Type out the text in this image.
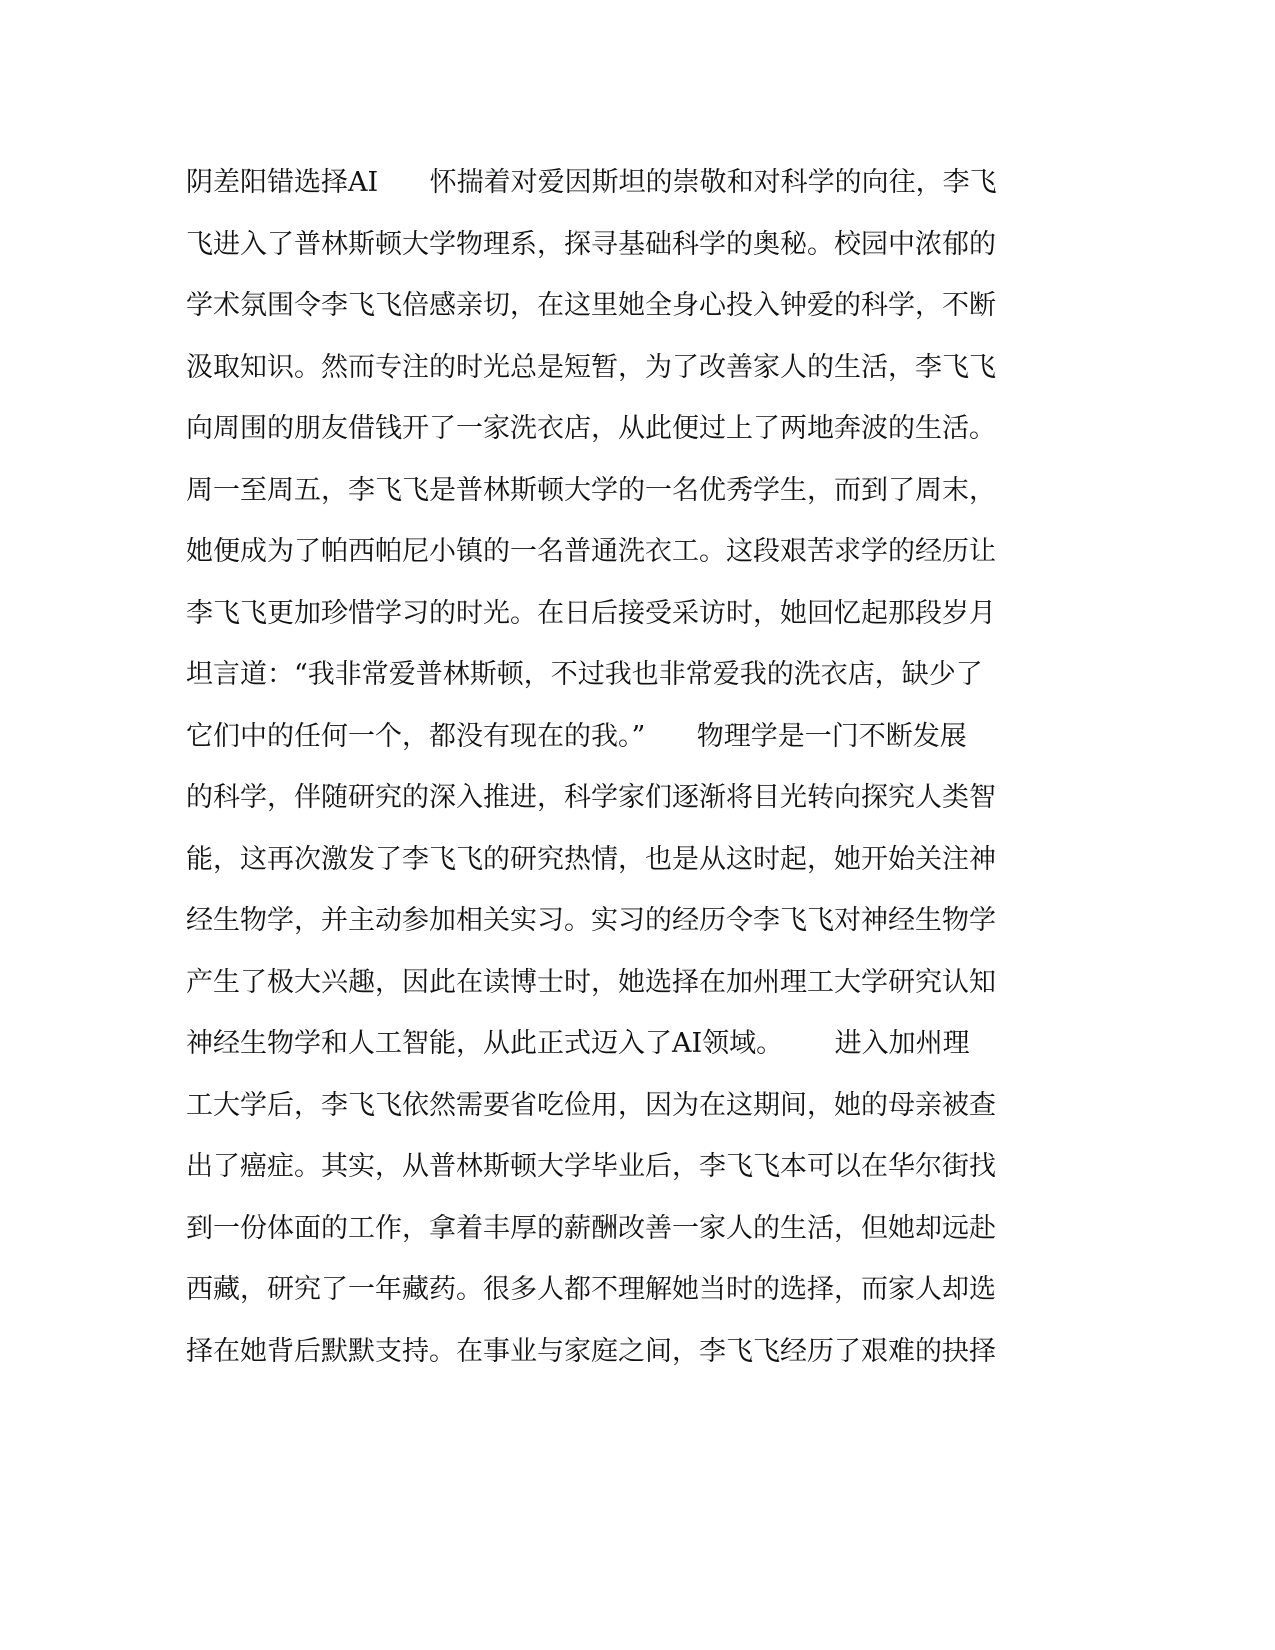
阴差阳错选择AI      怀揣着对爱因斯坦的崇敬和对科学的向往，李飞
飞进入了普林斯顿大学物理系，探寻基础科学的奥秘。校园中浓郁的
学术氛围令李飞飞倍感亲切，在这里她全身心投入钟爱的科学，不断
汲取知识。然而专注的时光总是短暂，为了改善家人的生活，李飞飞
向周围的朋友借钱开了一家洗衣店，从此便过上了两地奔波的生活。
周一至周五，李飞飞是普林斯顿大学的一名优秀学生，而到了周末，
她便成为了帕西帕尼小镇的一名普通洗衣工。这段艰苦求学的经历让
李飞飞更加珍惜学习的时光。在日后接受采访时，她回忆起那段岁月
坦言道：“我非常爱普林斯顿，不过我也非常爱我的洗衣店，缺少了
它们中的任何一个，都没有现在的我。”      物理学是一门不断发展
的科学，伴随研究的深入推进，科学家们逐渐将目光转向探究人类智
能，这再次激发了李飞飞的研究热情，也是从这时起，她开始关注神
经生物学，并主动参加相关实习。实习的经历令李飞飞对神经生物学
产生了极大兴趣，因此在读博士时，她选择在加州理工大学研究认知
神经生物学和人工智能，从此正式迈入了AI领域。      进入加州理
工大学后，李飞飞依然需要省吃俭用，因为在这期间，她的母亲被查
出了癌症。其实，从普林斯顿大学毕业后，李飞飞本可以在华尔街找
到一份体面的工作，拿着丰厚的薪酬改善一家人的生活，但她却远赴
西藏，研究了一年藏药。很多人都不理解她当时的选择，而家人却选
择在她背后默默支持。在事业与家庭之间，李飞飞经历了艰难的抉择
